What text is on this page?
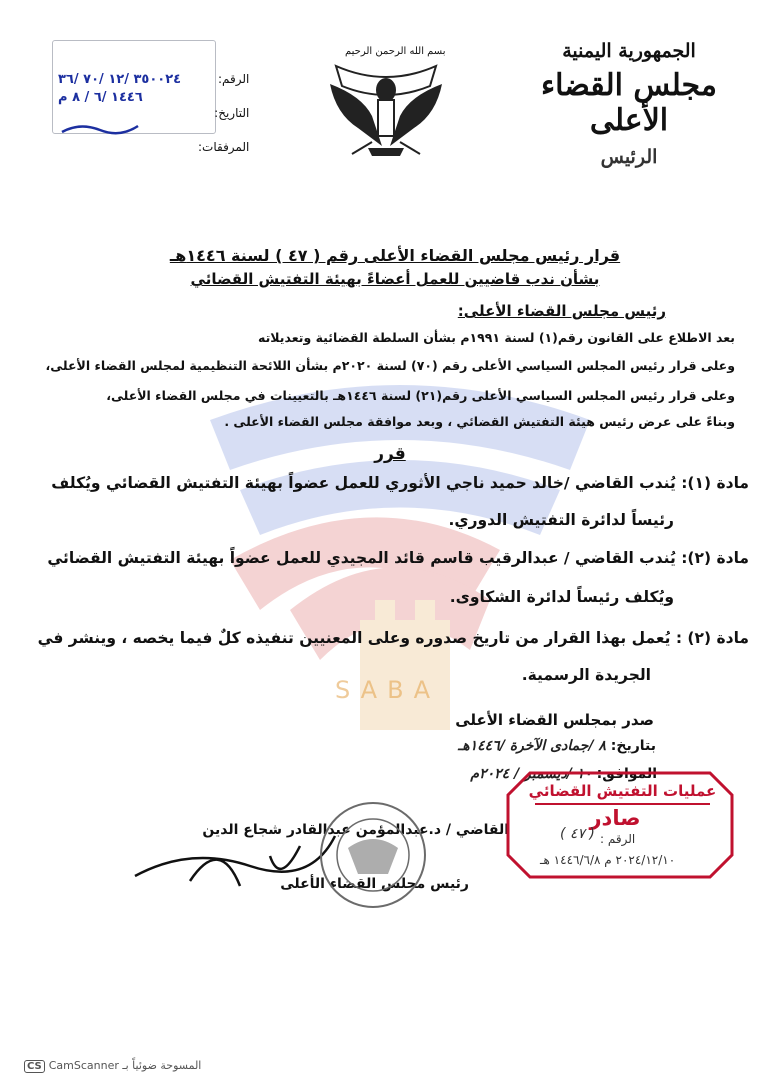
SABA
الجمهورية اليمنية
مجلس القضاء الأعلى
الرئيس
بسم الله الرحمن الرحيم
الرقم:
التاريخ:
المرفقات:
٣٥٠٠٢٤ /١٢ /٧٠ /٣٦
١٤٤٦ /٦ / ٨ م
قرار رئيس مجلس القضاء الأعلى رقم ( ٤٧ ) لسنة ١٤٤٦هـ
بشأن ندب قاضيين للعمل أعضاءً بهيئة التفتيش القضائي
رئيس مجلس القضاء الأعلى:
بعد الاطلاع على القانون رقم(١) لسنة ١٩٩١م بشأن السلطة القضائية وتعديلاته
وعلى قرار رئيس المجلس السياسي الأعلى رقم (٧٠) لسنة ٢٠٢٠م بشأن اللائحة التنظيمية لمجلس القضاء الأعلى،
وعلى قرار رئيس المجلس السياسي الأعلى رقم(٢١) لسنة ١٤٤٦هـ بالتعيينات في مجلس القضاء الأعلى،
وبناءً على عرض رئيس هيئة التفتيش القضائي ، وبعد موافقة مجلس القضاء الأعلى .
قرر
مادة (١): يُندب القاضي /خالد حميد ناجي الأثوري للعمل عضواً بهيئة التفتيش القضائي ويُكلف
رئيساً لدائرة التفتيش الدوري.
مادة (٢): يُندب القاضي / عبدالرقيب قاسم قائد المجيدي للعمل عضواً بهيئة التفتيش القضائي
ويُكلف رئيساً لدائرة الشكاوى.
مادة (٢) : يُعمل بهذا القرار من تاريخ صدوره وعلى المعنيين تنفيذه كلٌ فيما يخصه ، وينشر في
الجريدة الرسمية.
صدر بمجلس القضاء الأعلى
بتاريخ: ٨ /جمادى الآخرة /١٤٤٦هـ
الموافق: ١٠ /ديسمبر / ٢٠٢٤م
القاضي / د.عبدالمؤمن عبدالقادر شجاع الدين
رئيس مجلس القضاء الأعلى
عمليات التفتيش القضائي
صادر
الرقم :
( ٤٧ )
٢٠٢٤/١٢/١٠ م ١٤٤٦/٦/٨ هـ
CS CamScanner المسوحة ضوئياً بـ
